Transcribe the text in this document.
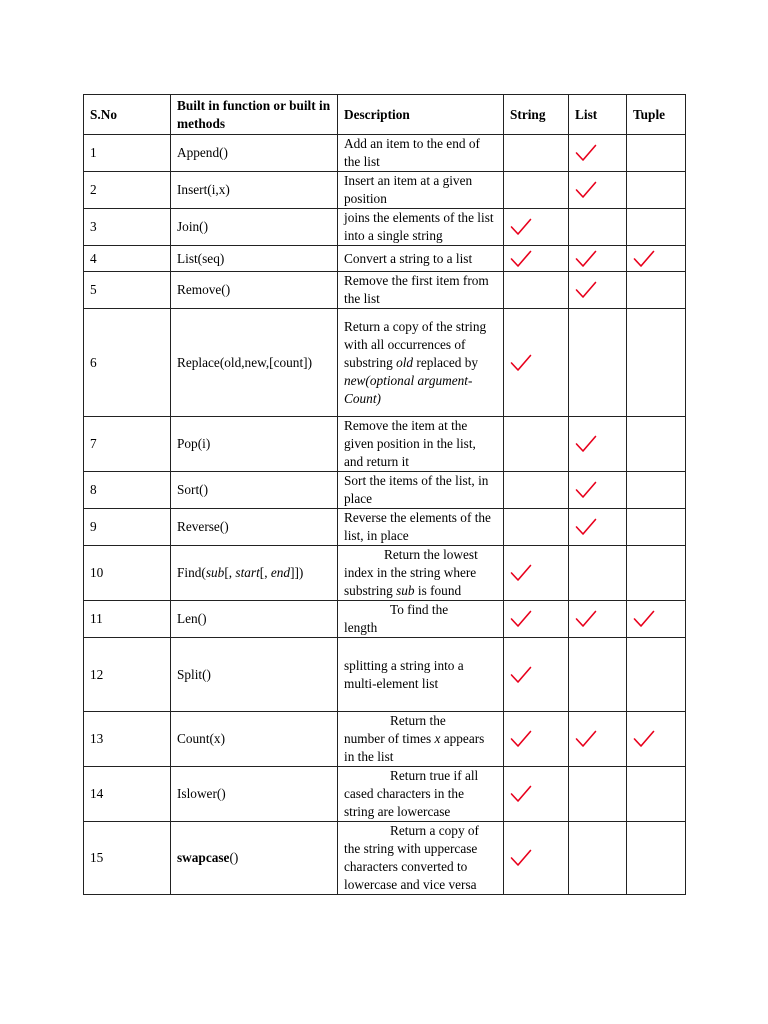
S.No	Built in function or built in methods	Description	String	List	Tuple
1	Append()	Add an item to the end of the list		

2	Insert(i,x)	Insert an item at a given position		

3	Join()	joins the elements of the list into a single string	

4	List(seq)	Convert a string to a list	

5	Remove()	Remove the first item from the list		

6	Replace(old,new,[count])	Return a copy of the string with all occurrences of substring old replaced by new(optional argument-Count)	

7	Pop(i)	Remove the item at the given position in the list, and return it		

8	Sort()	Sort the items of the list, in place		

9	Reverse()	Reverse the elements of the list, in place		

10	Find(sub[, start[, end]])	Return the lowest index in the string where substring sub is found	

11	Len()	To find the
length

12	Split()	splitting a string into a multi-element list	

13	Count(x)	Return the
number of times x appears in the list	

14	Islower()	Return true if all
cased characters in the string are lowercase

15	swapcase()	Return a copy of
the string with uppercase characters converted to lowercase and vice versa
